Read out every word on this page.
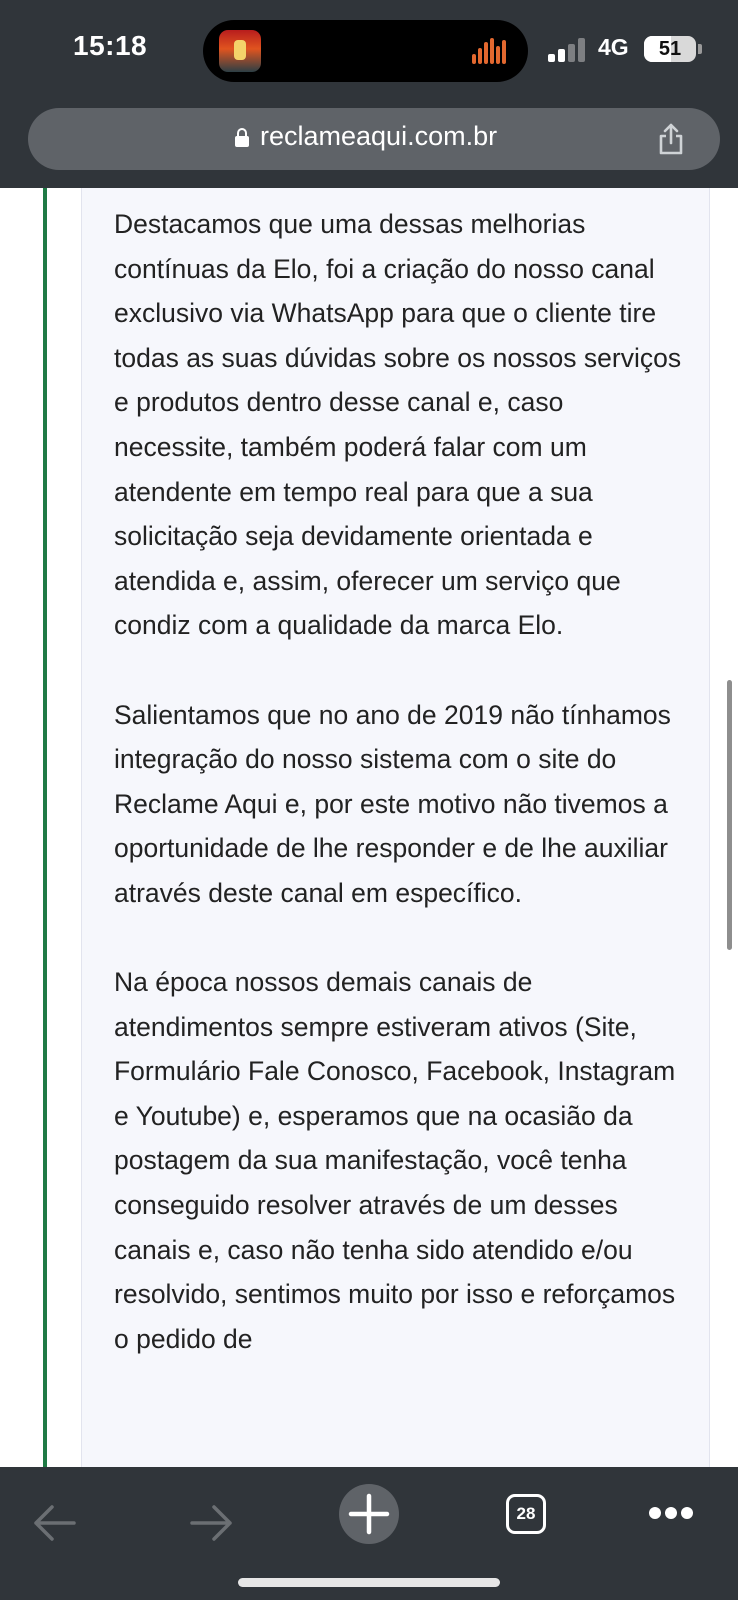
15:18	4G	51
reclameaqui.com.br

Destacamos que uma dessas melhorias contínuas da Elo, foi a criação do nosso canal exclusivo via WhatsApp para que o cliente tire todas as suas dúvidas sobre os nossos serviços e produtos dentro desse canal e, caso necessite, também poderá falar com um atendente em tempo real para que a sua solicitação seja devidamente orientada e atendida e, assim, oferecer um serviço que condiz com a qualidade da marca Elo.

Salientamos que no ano de 2019 não tínhamos integração do nosso sistema com o site do Reclame Aqui e, por este motivo não tivemos a oportunidade de lhe responder e de lhe auxiliar através deste canal em específico.

Na época nossos demais canais de atendimentos sempre estiveram ativos (Site, Formulário Fale Conosco, Facebook, Instagram e Youtube) e, esperamos que na ocasião da postagem da sua manifestação, você tenha conseguido resolver através de um desses canais e, caso não tenha sido atendido e/ou resolvido, sentimos muito por isso e reforçamos o pedido de

28
